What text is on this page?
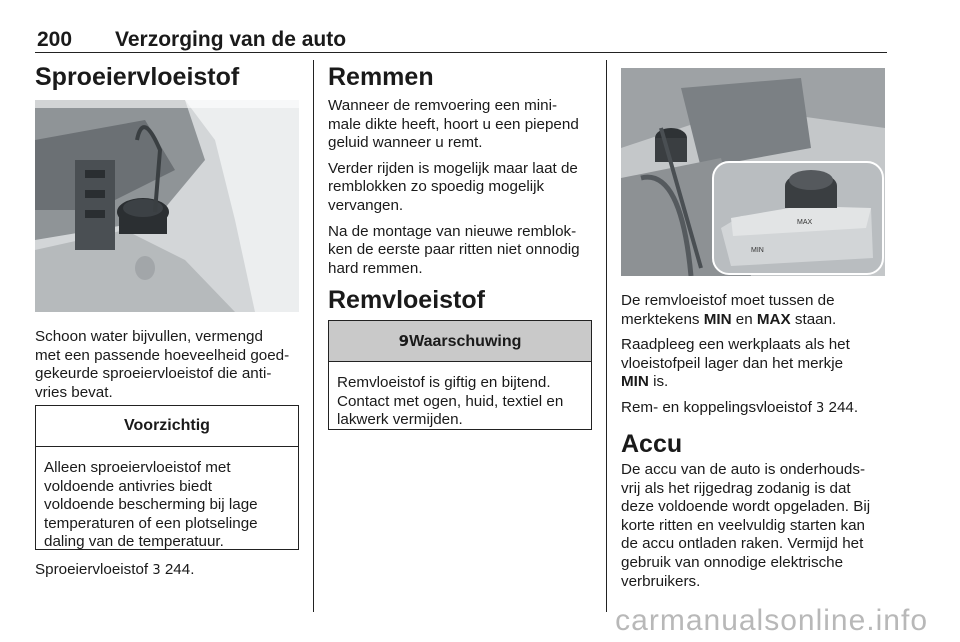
200 Verzorging van de auto
Sproeiervloeistof

Schoon water bijvullen, vermengd

met een passende hoeveelheid goed-

gekeurde sproeiervloeistof die anti-

vries bevat.

Voorzichtig
Alleen sproeiervloeistof met
voldoende antivries biedt
voldoende bescherming bij lage
temperaturen of een plotselinge
daling van de temperatuur.

Sproeiervloeistof 3 244.

Remmen

Wanneer de remvoering een mini-

male dikte heeft, hoort u een piepend

geluid wanneer u remt.

Verder rijden is mogelijk maar laat de

remblokken zo spoedig mogelijk

vervangen.

Na de montage van nieuwe remblok-

ken de eerste paar ritten niet onnodig

hard remmen.

Remvloeistof
9Waarschuwing
Remvloeistof is giftig en bijtend.
Contact met ogen, huid, textiel en
lakwerk vermijden.
MAX
MIN

De remvloeistof moet tussen de

merktekens MIN en MAX staan.

Raadpleeg een werkplaats als het

vloeistofpeil lager dan het merkje

MIN is.

Rem- en koppelingsvloeistof 3 244.

Accu

De accu van de auto is onderhouds-

vrij als het rijgedrag zodanig is dat

deze voldoende wordt opgeladen. Bij

korte ritten en veelvuldig starten kan

de accu ontladen raken. Vermijd het

gebruik van onnodige elektrische

verbruikers.

carmanualsonline.info
